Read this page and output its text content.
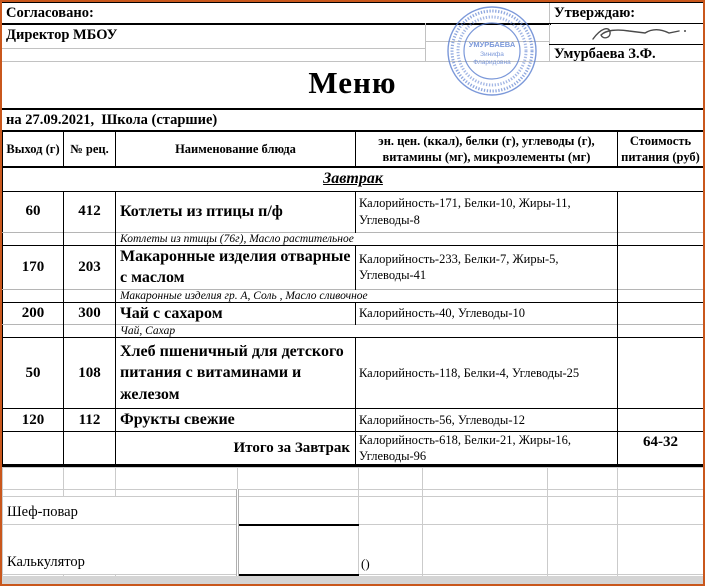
Согласовано:
Директор МБОУ
Утверждаю:
Умурбаева З.Ф.
УМУРБАЕВА
Зинифа
Фларидовна
Меню
на 27.09.2021,  Школа (старшие)
Выход (г)	№ рец.	Наименование блюда	эн. цен. (ккал), белки (г), углеводы (г), витамины (мг), микроэлементы (мг)	Стоимость питания (руб)
Завтрак				
60	412	Котлеты из птицы п/ф	Калорийность-171, Белки-10, Жиры-11, Углеводы-8	
		Котлеты из птицы (76г), Масло растительное		
170	203	Макаронные изделия отварные с маслом	Калорийность-233, Белки-7, Жиры-5, Углеводы-41	
		Макаронные изделия гр. А, Соль , Масло сливочное		
200	300	Чай с сахаром	Калорийность-40, Углеводы-10	
		Чай, Сахар		
50	108	Хлеб пшеничный для детского питания с витаминами и железом	Калорийность-118, Белки-4, Углеводы-25	
120	112	Фрукты свежие	Калорийность-56, Углеводы-12	
		Итого за Завтрак	Калорийность-618, Белки-21, Жиры-16, Углеводы-96	64-32

Шеф-повар							
Калькулятор				()			
